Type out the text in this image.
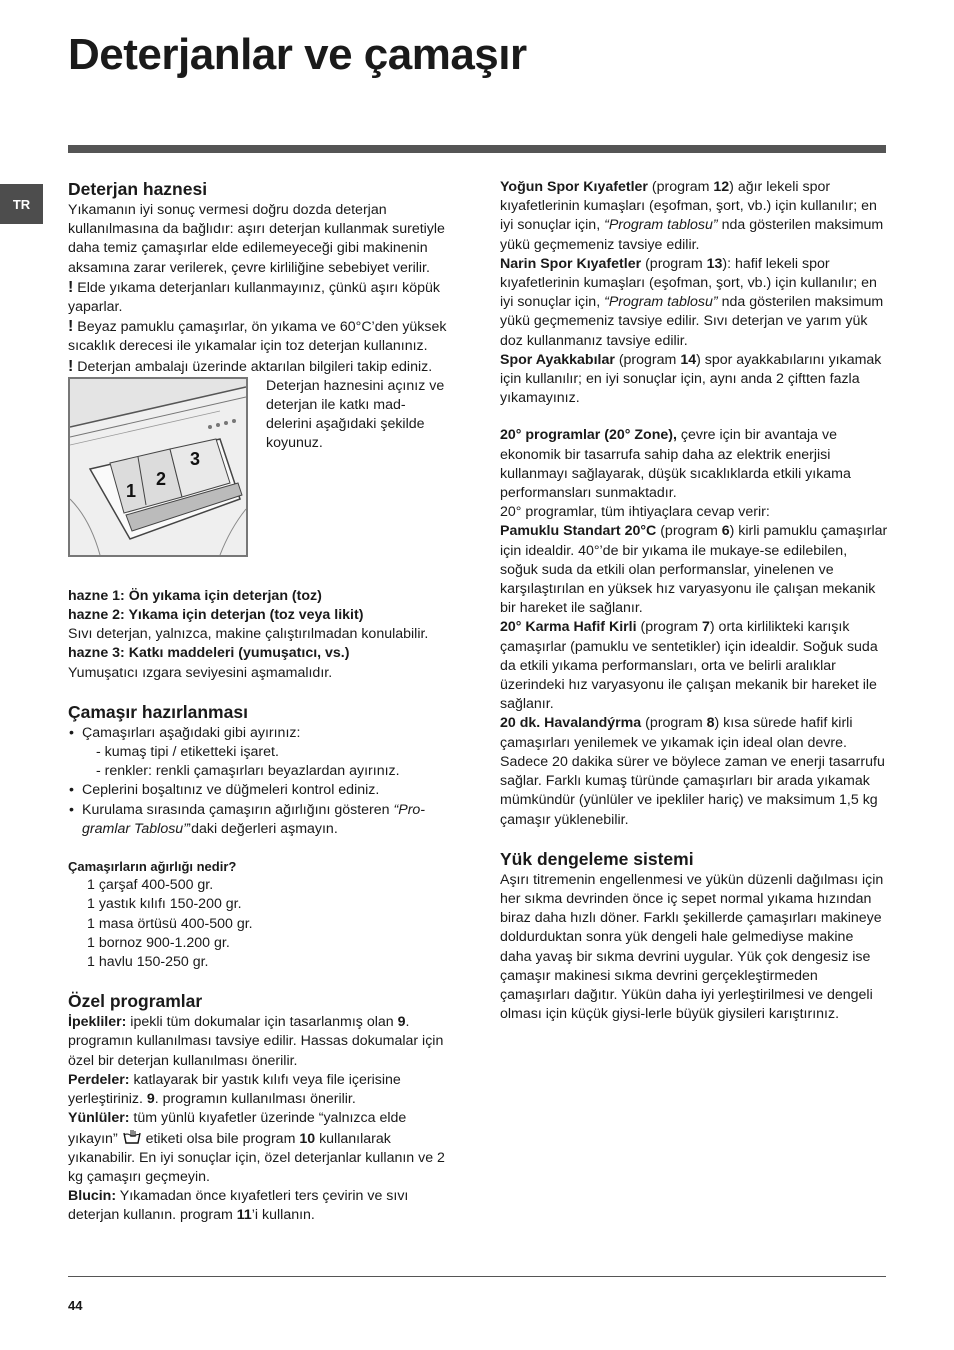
Deterjanlar ve çamaşır
TR
Deterjan haznesi

Yıkamanın iyi sonuç vermesi doğru dozda deterjan kullanılmasına da bağlıdır: aşırı deterjan kullanmak suretiyle daha temiz çamaşırlar elde edilemeyeceği gibi makinenin aksamına zarar verilerek, çevre kirliliğine sebebiyet verilir.

! Elde yıkama deterjanları kullanmayınız, çünkü aşırı köpük yaparlar.

! Beyaz pamuklu çamaşırlar, ön yıkama ve 60°C’den yüksek sıcaklık derecesi ile yıkamalar için toz deterjan kullanınız.

! Deterjan ambalajı üzerinde aktarılan bilgileri takip ediniz.

1
2
3

Deterjan haznesini açınız ve deterjan ile katkı mad-delerini aşağıdaki şekilde koyunuz.

hazne 1: Ön yıkama için deterjan (toz)

hazne 2: Yıkama için deterjan (toz veya likit)

Sıvı deterjan, yalnızca, makine çalıştırılmadan konulabilir.

hazne 3: Katkı maddeleri (yumuşatıcı, vs.)

Yumuşatıcı ızgara seviyesini aşmamalıdır.

Çamaşır hazırlanması
• Çamaşırları aşağıdaki gibi ayırınız:
- kumaş tipi / etiketteki işaret.
- renkler: renkli çamaşırları beyazlardan ayırınız.
• Ceplerini boşaltınız ve düğmeleri kontrol ediniz.
• Kurulama sırasında çamaşırın ağırlığını gösteren “Pro-gramlar Tablosu”’daki değerleri aşmayın.

Çamaşırların ağırlığı nedir?

1 çarşaf 400-500 gr.

1 yastık kılıfı 150-200 gr.

1 masa örtüsü 400-500 gr.

1 bornoz 900-1.200 gr.

1 havlu 150-250 gr.

Özel programlar

İpekliler: ipekli tüm dokumalar için tasarlanmış olan 9. programın kullanılması tavsiye edilir. Hassas dokumalar için özel bir deterjan kullanılması önerilir.

Perdeler: katlayarak bir yastık kılıfı veya file içerisine yerleştiriniz. 9. programın kullanılması önerilir.

Yünlüler: tüm yünlü kıyafetler üzerinde “yalnızca elde yıkayın”  etiketi olsa bile program 10 kullanılarak yıkanabilir. En iyi sonuçlar için, özel deterjanlar kullanın ve 2 kg çamaşırı geçmeyin.

Blucin: Yıkamadan önce kıyafetleri ters çevirin ve sıvı deterjan kullanın. program 11’i kullanın.

Yoğun Spor Kıyafetler (program 12) ağır lekeli spor kıyafetlerinin kumaşları (eşofman, şort, vb.) için kullanılır; en iyi sonuçlar için, “Program tablosu” nda gösterilen maksimum yükü geçmemeniz tavsiye edilir.

Narin Spor Kıyafetler (program 13): hafif lekeli spor kıyafetlerinin kumaşları (eşofman, şort, vb.) için kullanılır; en iyi sonuçlar için, “Program tablosu” nda gösterilen maksimum yükü geçmemeniz tavsiye edilir. Sıvı deterjan ve yarım yük doz kullanmanız tavsiye edilir.

Spor Ayakkabılar (program 14) spor ayakkabılarını yıkamak için kullanılır; en iyi sonuçlar için, aynı anda 2 çiftten fazla yıkamayınız.

20° programlar (20° Zone), çevre için bir avantaja ve ekonomik bir tasarrufa sahip daha az elektrik enerjisi kullanmayı sağlayarak, düşük sıcaklıklarda etkili yıkama performansları sunmaktadır.

20° programlar, tüm ihtiyaçlara cevap verir:

Pamuklu Standart 20°C (program 6) kirli pamuklu çamaşırlar için idealdir. 40°’de bir yıkama ile mukaye-se edilebilen, soğuk suda da etkili olan performanslar, yinelenen ve karşılaştırılan en yüksek hız varyasyonu ile çalışan mekanik bir hareket ile sağlanır.

20° Karma Hafif Kirli (program 7) orta kirlilikteki karışık çamaşırlar (pamuklu ve sentetikler) için idealdir. Soğuk suda da etkili yıkama performansları, orta ve belirli aralıklar üzerindeki hız varyasyonu ile çalışan mekanik bir hareket ile sağlanır.

20 dk. Havalandýrma (program 8) kısa sürede hafif kirli çamaşırları yenilemek ve yıkamak için ideal olan devre. Sadece 20 dakika sürer ve böylece zaman ve enerji tasarrufu sağlar. Farklı kumaş türünde çamaşırları bir arada yıkamak mümkündür (yünlüler ve ipekliler hariç) ve maksimum 1,5 kg çamaşır yüklenebilir.

Yük dengeleme sistemi

Aşırı titremenin engellenmesi ve yükün düzenli dağılması için her sıkma devrinden önce iç sepet normal yıkama hızından biraz daha hızlı döner. Farklı şekillerde çamaşırları makineye doldurduktan sonra yük dengeli hale gelmediyse makine daha yavaş bir sıkma devrini uygular. Yük çok dengesiz ise çamaşır makinesi sıkma devrini gerçekleştirmeden çamaşırları dağıtır. Yükün daha iyi yerleştirilmesi ve dengeli olması için küçük giysi-lerle büyük giysileri karıştırınız.

44
